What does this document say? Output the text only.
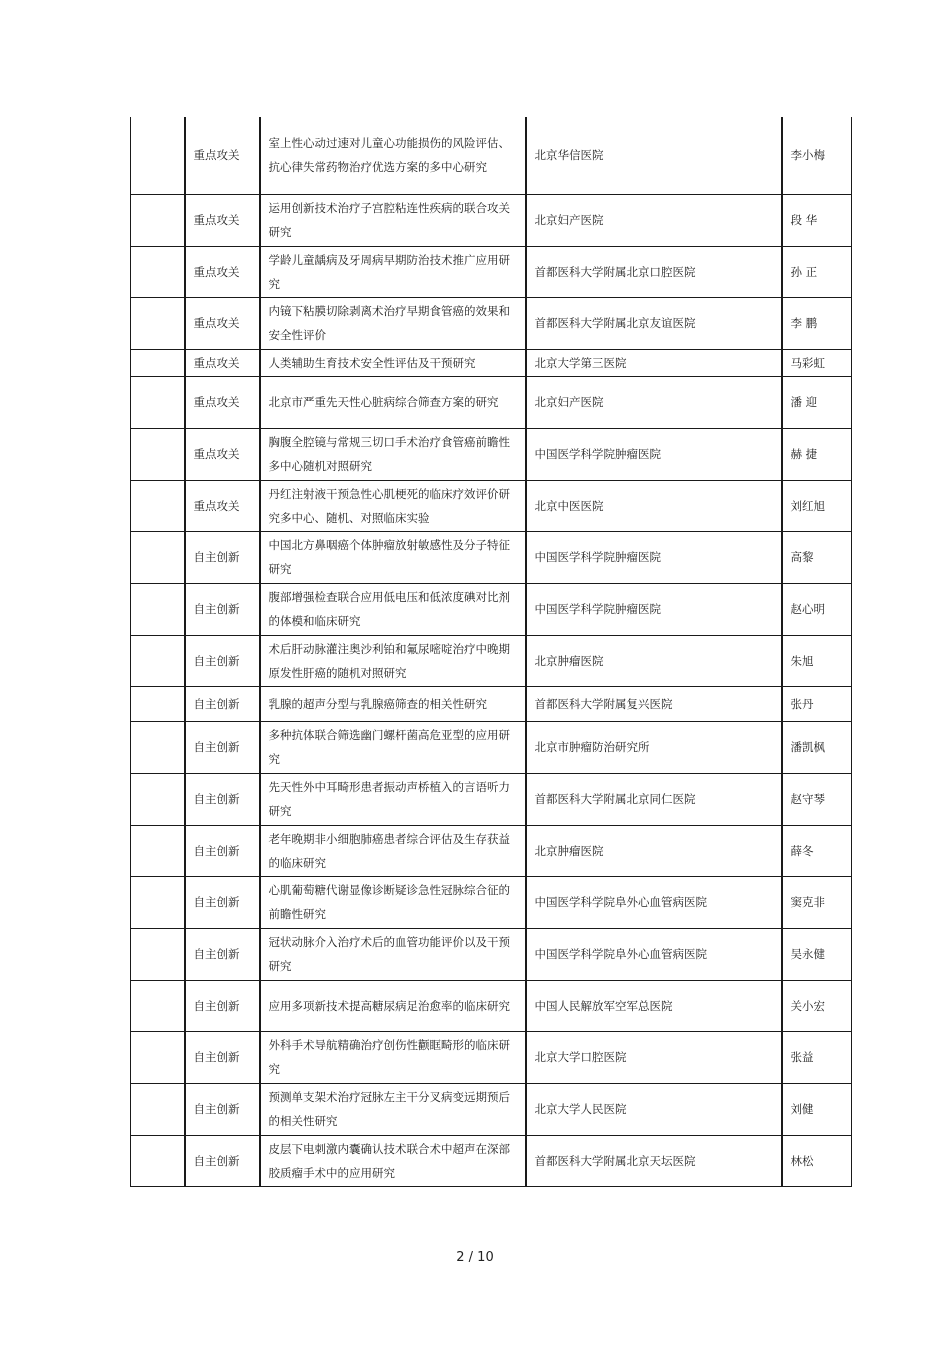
	重点攻关	室上性心动过速对儿童心功能损伤的风险评估、抗心律失常药物治疗优选方案的多中心研究	北京华信医院	李小梅
	重点攻关	运用创新技术治疗子宫腔粘连性疾病的联合攻关研究	北京妇产医院	段 华
	重点攻关	学龄儿童龋病及牙周病早期防治技术推广应用研究	首都医科大学附属北京口腔医院	孙 正
	重点攻关	内镜下粘膜切除剥离术治疗早期食管癌的效果和安全性评价	首都医科大学附属北京友谊医院	李 鹏
	重点攻关	人类辅助生育技术安全性评估及干预研究	北京大学第三医院	马彩虹
	重点攻关	北京市严重先天性心脏病综合筛查方案的研究	北京妇产医院	潘 迎
	重点攻关	胸腹全腔镜与常规三切口手术治疗食管癌前瞻性多中心随机对照研究	中国医学科学院肿瘤医院	赫 捷
	重点攻关	丹红注射液干预急性心肌梗死的临床疗效评价研究多中心、随机、对照临床实验	北京中医医院	刘红旭
	自主创新	中国北方鼻咽癌个体肿瘤放射敏感性及分子特征研究	中国医学科学院肿瘤医院	高黎
	自主创新	腹部增强检查联合应用低电压和低浓度碘对比剂的体模和临床研究	中国医学科学院肿瘤医院	赵心明
	自主创新	术后肝动脉灌注奥沙利铂和氟尿嘧啶治疗中晚期原发性肝癌的随机对照研究	北京肿瘤医院	朱旭
	自主创新	乳腺的超声分型与乳腺癌筛查的相关性研究	首都医科大学附属复兴医院	张丹
	自主创新	多种抗体联合筛选幽门螺杆菌高危亚型的应用研究	北京市肿瘤防治研究所	潘凯枫
	自主创新	先天性外中耳畸形患者振动声桥植入的言语听力研究	首都医科大学附属北京同仁医院	赵守琴
	自主创新	老年晚期非小细胞肺癌患者综合评估及生存获益的临床研究	北京肿瘤医院	薛冬
	自主创新	心肌葡萄糖代谢显像诊断疑诊急性冠脉综合征的前瞻性研究	中国医学科学院阜外心血管病医院	窦克非
	自主创新	冠状动脉介入治疗术后的血管功能评价以及干预研究	中国医学科学院阜外心血管病医院	吴永健
	自主创新	应用多项新技术提高糖尿病足治愈率的临床研究	中国人民解放军空军总医院	关小宏
	自主创新	外科手术导航精确治疗创伤性颧眶畸形的临床研究	北京大学口腔医院	张益
	自主创新	预测单支架术治疗冠脉左主干分叉病变远期预后的相关性研究	北京大学人民医院	刘健
	自主创新	皮层下电刺激内囊确认技术联合术中超声在深部胶质瘤手术中的应用研究	首都医科大学附属北京天坛医院	林松
2 / 10
